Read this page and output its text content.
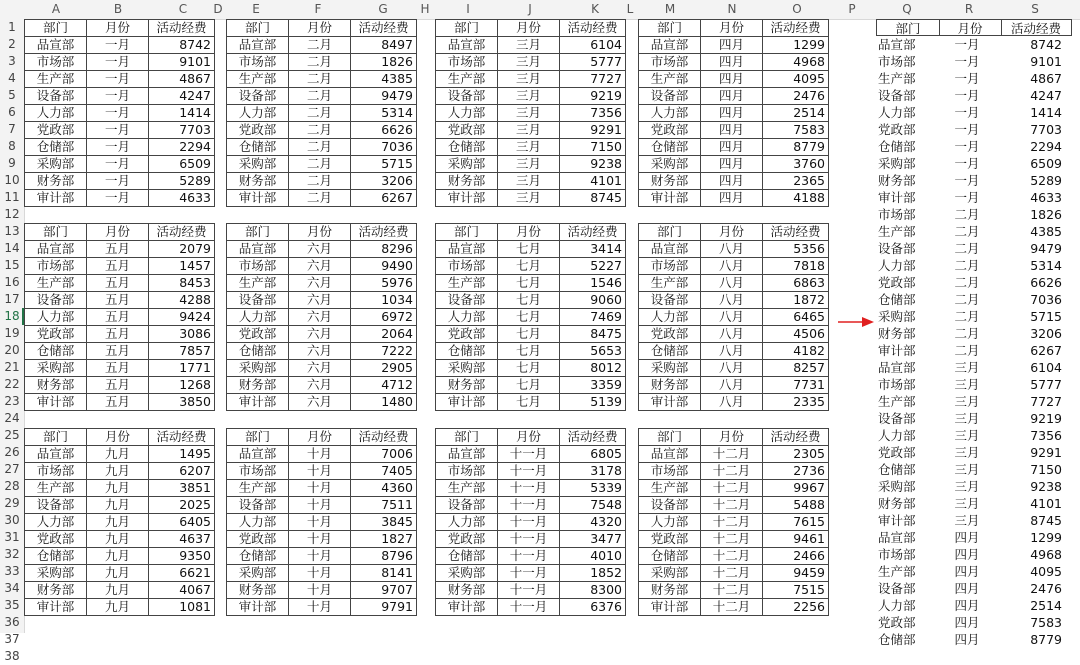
A	B	C	D	E	F	G	H	I	J	K	L	M	N	O	P	Q	R	S
1
2
3
4
5
6
7
8
9
10
11
12
13
14
15
16
17
18
19
20
21
22
23
24
25
26
27
28
29
30
31
32
33
34
35
36
37
38
部门	月份	活动经费
品宣部	一月	8742
市场部	一月	9101
生产部	一月	4867
设备部	一月	4247
人力部	一月	1414
党政部	一月	7703
仓储部	一月	2294
采购部	一月	6509
财务部	一月	5289
审计部	一月	4633
部门	月份	活动经费
品宣部	二月	8497
市场部	二月	1826
生产部	二月	4385
设备部	二月	9479
人力部	二月	5314
党政部	二月	6626
仓储部	二月	7036
采购部	二月	5715
财务部	二月	3206
审计部	二月	6267
部门	月份	活动经费
品宣部	三月	6104
市场部	三月	5777
生产部	三月	7727
设备部	三月	9219
人力部	三月	7356
党政部	三月	9291
仓储部	三月	7150
采购部	三月	9238
财务部	三月	4101
审计部	三月	8745
部门	月份	活动经费
品宣部	四月	1299
市场部	四月	4968
生产部	四月	4095
设备部	四月	2476
人力部	四月	2514
党政部	四月	7583
仓储部	四月	8779
采购部	四月	3760
财务部	四月	2365
审计部	四月	4188
部门	月份	活动经费
品宣部	五月	2079
市场部	五月	1457
生产部	五月	8453
设备部	五月	4288
人力部	五月	9424
党政部	五月	3086
仓储部	五月	7857
采购部	五月	1771
财务部	五月	1268
审计部	五月	3850
部门	月份	活动经费
品宣部	六月	8296
市场部	六月	9490
生产部	六月	5976
设备部	六月	1034
人力部	六月	6972
党政部	六月	2064
仓储部	六月	7222
采购部	六月	2905
财务部	六月	4712
审计部	六月	1480
部门	月份	活动经费
品宣部	七月	3414
市场部	七月	5227
生产部	七月	1546
设备部	七月	9060
人力部	七月	7469
党政部	七月	8475
仓储部	七月	5653
采购部	七月	8012
财务部	七月	3359
审计部	七月	5139
部门	月份	活动经费
品宣部	八月	5356
市场部	八月	7818
生产部	八月	6863
设备部	八月	1872
人力部	八月	6465
党政部	八月	4506
仓储部	八月	4182
采购部	八月	8257
财务部	八月	7731
审计部	八月	2335
部门	月份	活动经费
品宣部	九月	1495
市场部	九月	6207
生产部	九月	3851
设备部	九月	2025
人力部	九月	6405
党政部	九月	4637
仓储部	九月	9350
采购部	九月	6621
财务部	九月	4067
审计部	九月	1081
部门	月份	活动经费
品宣部	十月	7006
市场部	十月	7405
生产部	十月	4360
设备部	十月	7511
人力部	十月	3845
党政部	十月	1827
仓储部	十月	8796
采购部	十月	8141
财务部	十月	9707
审计部	十月	9791
部门	月份	活动经费
品宣部	十一月	6805
市场部	十一月	3178
生产部	十一月	5339
设备部	十一月	7548
人力部	十一月	4320
党政部	十一月	3477
仓储部	十一月	4010
采购部	十一月	1852
财务部	十一月	8300
审计部	十一月	6376
部门	月份	活动经费
品宣部	十二月	2305
市场部	十二月	2736
生产部	十二月	9967
设备部	十二月	5488
人力部	十二月	7615
党政部	十二月	9461
仓储部	十二月	2466
采购部	十二月	9459
财务部	十二月	7515
审计部	十二月	2256
部门	月份	活动经费
品宣部	一月	8742
市场部	一月	9101
生产部	一月	4867
设备部	一月	4247
人力部	一月	1414
党政部	一月	7703
仓储部	一月	2294
采购部	一月	6509
财务部	一月	5289
审计部	一月	4633
市场部	二月	1826
生产部	二月	4385
设备部	二月	9479
人力部	二月	5314
党政部	二月	6626
仓储部	二月	7036
采购部	二月	5715
财务部	二月	3206
审计部	二月	6267
品宣部	三月	6104
市场部	三月	5777
生产部	三月	7727
设备部	三月	9219
人力部	三月	7356
党政部	三月	9291
仓储部	三月	7150
采购部	三月	9238
财务部	三月	4101
审计部	三月	8745
品宣部	四月	1299
市场部	四月	4968
生产部	四月	4095
设备部	四月	2476
人力部	四月	2514
党政部	四月	7583
仓储部	四月	8779
